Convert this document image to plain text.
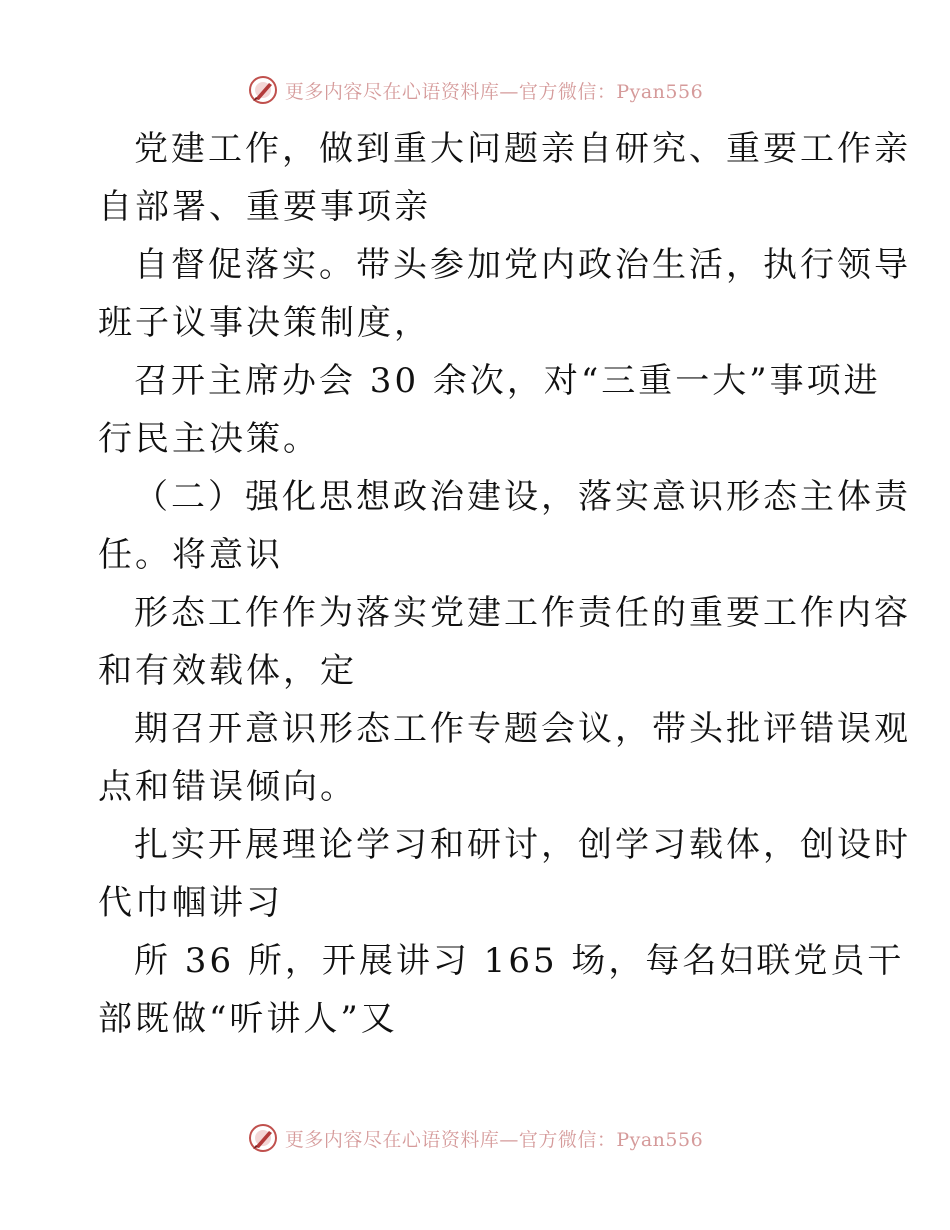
更多内容尽在心语资料库—官方微信：Pyan556
党建工作，做到重大问题亲自研究、重要工作亲
自部署、重要事项亲
自督促落实。带头参加党内政治生活，执行领导
班子议事决策制度，
召开主席办会 30 余次，对“三重一大”事项进
行民主决策。
（二）强化思想政治建设，落实意识形态主体责
任。将意识
形态工作作为落实党建工作责任的重要工作内容
和有效载体，定
期召开意识形态工作专题会议，带头批评错误观
点和错误倾向。
扎实开展理论学习和研讨，创学习载体，创设时
代巾帼讲习
所 36 所，开展讲习 165 场，每名妇联党员干
部既做“听讲人”又
更多内容尽在心语资料库—官方微信：Pyan556
